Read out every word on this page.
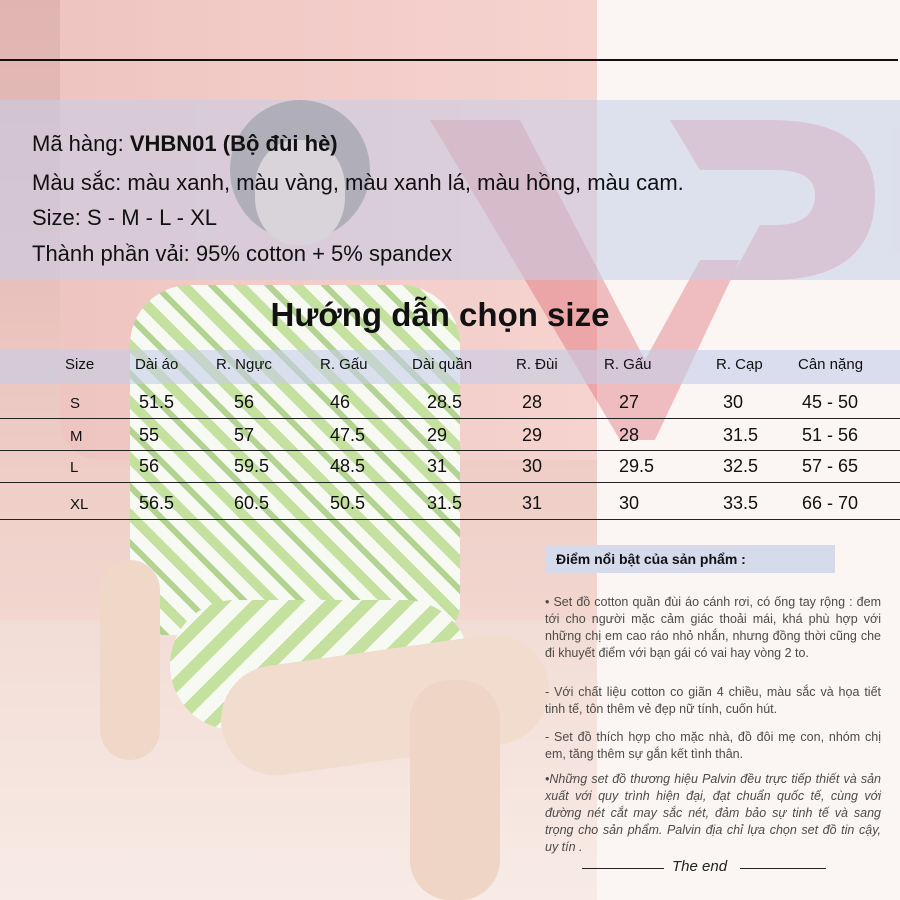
Mã hàng: VHBN01 (Bộ đùi hè)
Màu sắc: màu xanh, màu vàng, màu xanh lá, màu hồng, màu cam.
Size: S - M - L - XL
Thành phần vải: 95% cotton + 5% spandex
Hướng dẫn chọn size
Size	Dài áo	R. Ngực	R. Gấu	Dài quần	R. Đùi	R. Gấu	R. Cạp Cân nặng
S	51.5	56	46	28.5	28	27	30	45 - 50
M	55	57	47.5	29	29	28	31.5 51 - 56
L	56	59.5	48.5	31	30	29.5	32.5 57 - 65
XL	56.5	60.5	50.5	31.5	31	30	33.5 66 - 70
Điểm nổi bật của sản phẩm :
• Set đồ cotton quần đùi áo cánh rơi, có ống tay rộng : đem tới cho người mặc cảm giác thoải mái, khá phù hợp với những chị em cao ráo nhỏ nhắn, nhưng đồng thời cũng che đi khuyết điểm với bạn gái có vai hay vòng 2 to.
- Với chất liệu cotton co giãn 4 chiều, màu sắc và họa tiết tinh tế, tôn thêm vẻ đẹp nữ tính, cuốn hút.
- Set đồ thích hợp cho mặc nhà, đồ đôi mẹ con, nhóm chị em, tăng thêm sự gắn kết tình thân.
•Những set đồ thương hiệu Palvin đều trực tiếp thiết và sản xuất với quy trình hiện đại, đạt chuẩn quốc tế, cùng với đường nét cắt may sắc nét, đảm bảo sự tinh tế và sang trọng cho sản phẩm. Palvin địa chỉ lựa chọn set đồ tin cậy, uy tín .
The end
